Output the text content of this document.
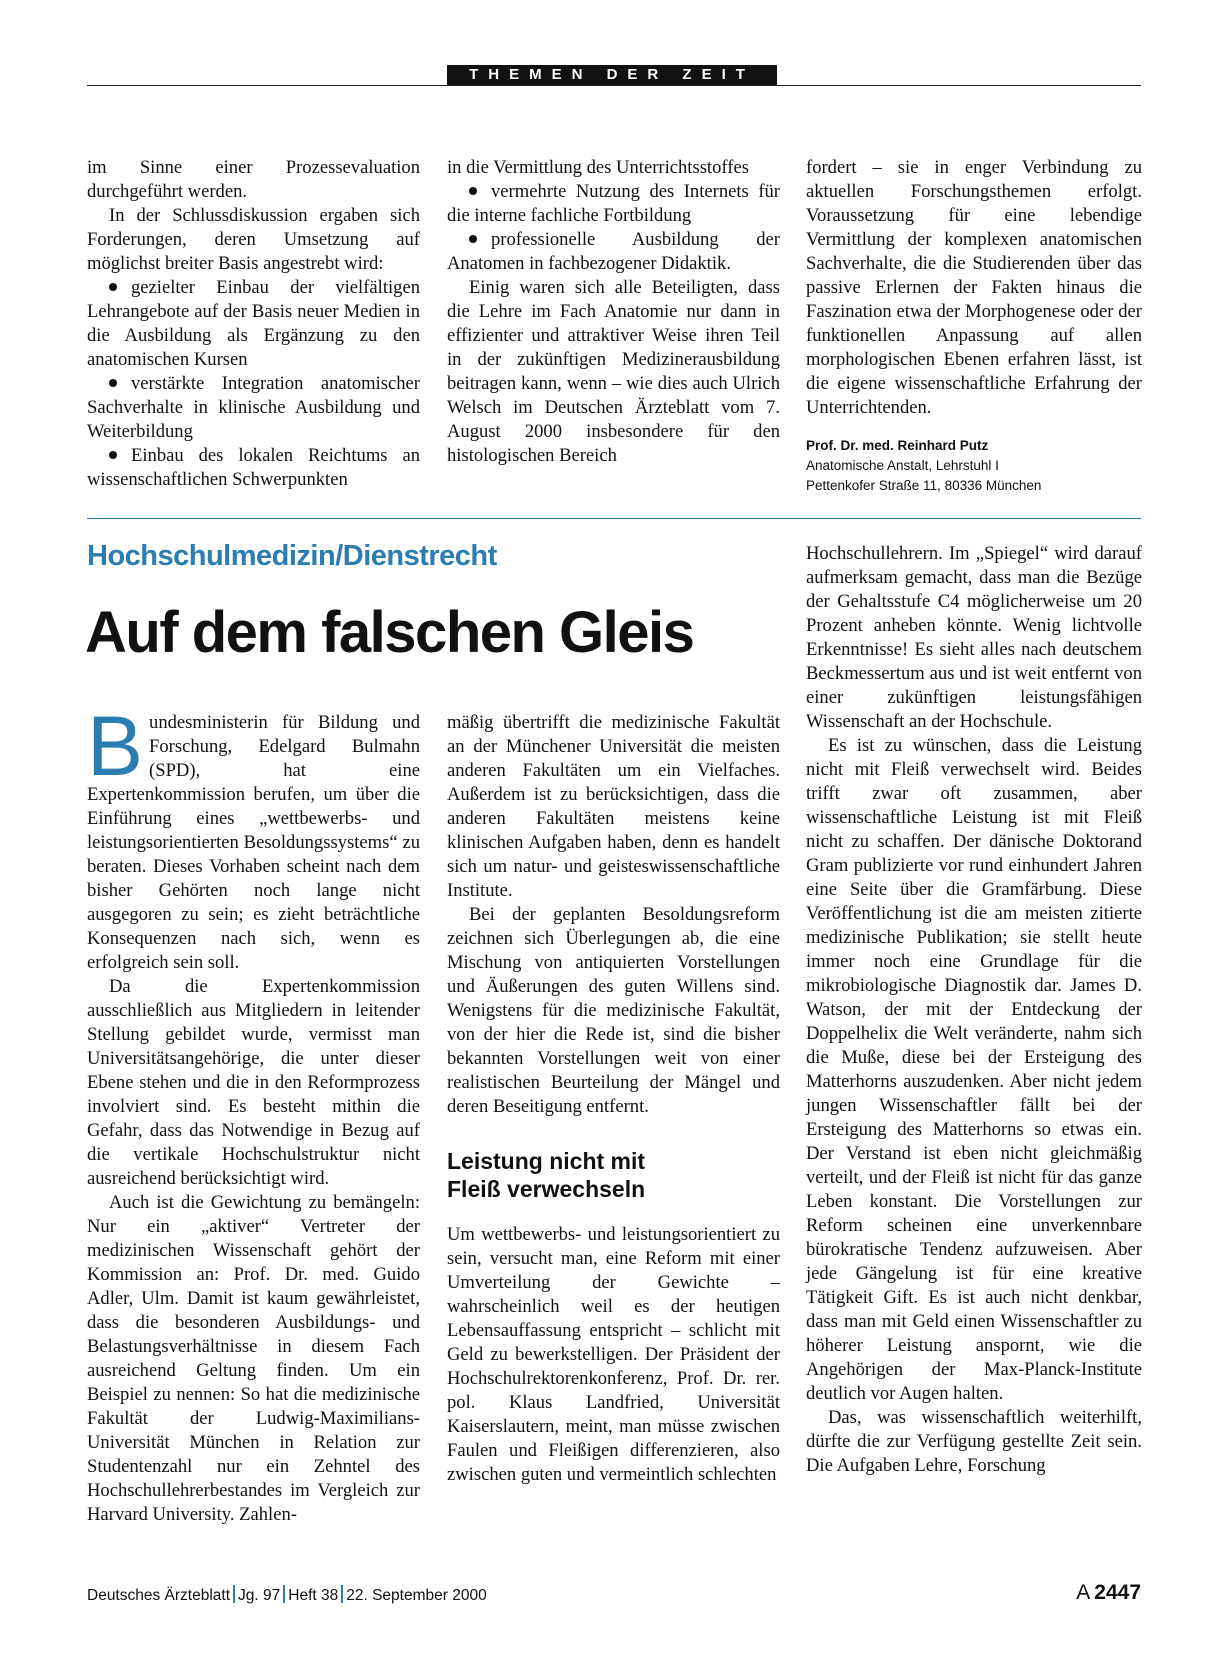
THEMEN DER ZEIT

im Sinne einer Prozessevaluation durchgeführt werden.

In der Schlussdiskussion ergaben sich Forderungen, deren Umsetzung auf möglichst breiter Basis angestrebt wird:

gezielter Einbau der vielfältigen Lehrangebote auf der Basis neuer Medien in die Ausbildung als Ergänzung zu den anatomischen Kursen

verstärkte Integration anatomischer Sachverhalte in klinische Ausbildung und Weiterbildung

Einbau des lokalen Reichtums an wissenschaftlichen Schwerpunkten

in die Vermittlung des Unterrichtsstoffes

vermehrte Nutzung des Internets für die interne fachliche Fortbildung

professionelle Ausbildung der Anatomen in fachbezogener Didaktik.

Einig waren sich alle Beteiligten, dass die Lehre im Fach Anatomie nur dann in effizienter und attraktiver Weise ihren Teil in der zukünftigen Medizinerausbildung beitragen kann, wenn – wie dies auch Ulrich Welsch im Deutschen Ärzteblatt vom 7. August 2000 insbesondere für den histologischen Bereich

fordert – sie in enger Verbindung zu aktuellen Forschungsthemen erfolgt. Voraussetzung für eine lebendige Vermittlung der komplexen anatomischen Sachverhalte, die die Studierenden über das passive Erlernen der Fakten hinaus die Faszination etwa der Morphogenese oder der funktionellen Anpassung auf allen morphologischen Ebenen erfahren lässt, ist die eigene wissenschaftliche Erfahrung der Unterrichtenden.

Prof. Dr. med. Reinhard Putz
Anatomische Anstalt, Lehrstuhl I
Pettenkofer Straße 11, 80336 München

Hochschulmedizin/Dienstrecht
Auf dem falschen Gleis

Bundesministerin für Bildung und Forschung, Edelgard Bulmahn (SPD), hat eine Expertenkommission berufen, um über die Einführung eines „wettbewerbs- und leistungsorientierten Besoldungssystems“ zu beraten. Dieses Vorhaben scheint nach dem bisher Gehörten noch lange nicht ausgegoren zu sein; es zieht beträchtliche Konsequenzen nach sich, wenn es erfolgreich sein soll.

Da die Expertenkommission ausschließlich aus Mitgliedern in leitender Stellung gebildet wurde, vermisst man Universitätsangehörige, die unter dieser Ebene stehen und die in den Reformprozess involviert sind. Es besteht mithin die Gefahr, dass das Notwendige in Bezug auf die vertikale Hochschulstruktur nicht ausreichend berücksichtigt wird.

Auch ist die Gewichtung zu bemängeln: Nur ein „aktiver“ Vertreter der medizinischen Wissenschaft gehört der Kommission an: Prof. Dr. med. Guido Adler, Ulm. Damit ist kaum gewährleistet, dass die besonderen Ausbildungs- und Belastungsverhältnisse in diesem Fach ausreichend Geltung finden. Um ein Beispiel zu nennen: So hat die medizinische Fakultät der Ludwig-Maximilians-Universität München in Relation zur Studentenzahl nur ein Zehntel des Hochschullehrerbestandes im Vergleich zur Harvard University. Zahlen-

mäßig übertrifft die medizinische Fakultät an der Münchener Universität die meisten anderen Fakultäten um ein Vielfaches. Außerdem ist zu berücksichtigen, dass die anderen Fakultäten meistens keine klinischen Aufgaben haben, denn es handelt sich um natur- und geisteswissenschaftliche Institute.

Bei der geplanten Besoldungsreform zeichnen sich Überlegungen ab, die eine Mischung von antiquierten Vorstellungen und Äußerungen des guten Willens sind. Wenigstens für die medizinische Fakultät, von der hier die Rede ist, sind die bisher bekannten Vorstellungen weit von einer realistischen Beurteilung der Mängel und deren Beseitigung entfernt.

Leistung nicht mit
Fleiß verwechseln

Um wettbewerbs- und leistungsorientiert zu sein, versucht man, eine Reform mit einer Umverteilung der Gewichte – wahrscheinlich weil es der heutigen Lebensauffassung entspricht – schlicht mit Geld zu bewerkstelligen. Der Präsident der Hochschulrektorenkonferenz, Prof. Dr. rer. pol. Klaus Landfried, Universität Kaiserslautern, meint, man müsse zwischen Faulen und Fleißigen differenzieren, also zwischen guten und vermeintlich schlechten

Hochschullehrern. Im „Spiegel“ wird darauf aufmerksam gemacht, dass man die Bezüge der Gehaltsstufe C4 möglicherweise um 20 Prozent anheben könnte. Wenig lichtvolle Erkenntnisse! Es sieht alles nach deutschem Beckmessertum aus und ist weit entfernt von einer zukünftigen leistungsfähigen Wissenschaft an der Hochschule.

Es ist zu wünschen, dass die Leistung nicht mit Fleiß verwechselt wird. Beides trifft zwar oft zusammen, aber wissenschaftliche Leistung ist mit Fleiß nicht zu schaffen. Der dänische Doktorand Gram publizierte vor rund einhundert Jahren eine Seite über die Gramfärbung. Diese Veröffentlichung ist die am meisten zitierte medizinische Publikation; sie stellt heute immer noch eine Grundlage für die mikrobiologische Diagnostik dar. James D. Watson, der mit der Entdeckung der Doppelhelix die Welt veränderte, nahm sich die Muße, diese bei der Ersteigung des Matterhorns auszudenken. Aber nicht jedem jungen Wissenschaftler fällt bei der Ersteigung des Matterhorns so etwas ein. Der Verstand ist eben nicht gleichmäßig verteilt, und der Fleiß ist nicht für das ganze Leben konstant. Die Vorstellungen zur Reform scheinen eine unverkennbare bürokratische Tendenz aufzuweisen. Aber jede Gängelung ist für eine kreative Tätigkeit Gift. Es ist auch nicht denkbar, dass man mit Geld einen Wissenschaftler zu höherer Leistung anspornt, wie die Angehörigen der Max-Planck-Institute deutlich vor Augen halten.

Das, was wissenschaftlich weiterhilft, dürfte die zur Verfügung gestellte Zeit sein. Die Aufgaben Lehre, Forschung

Deutsches Ärzteblatt Jg. 97 Heft 38 22. September 2000	A 2447
